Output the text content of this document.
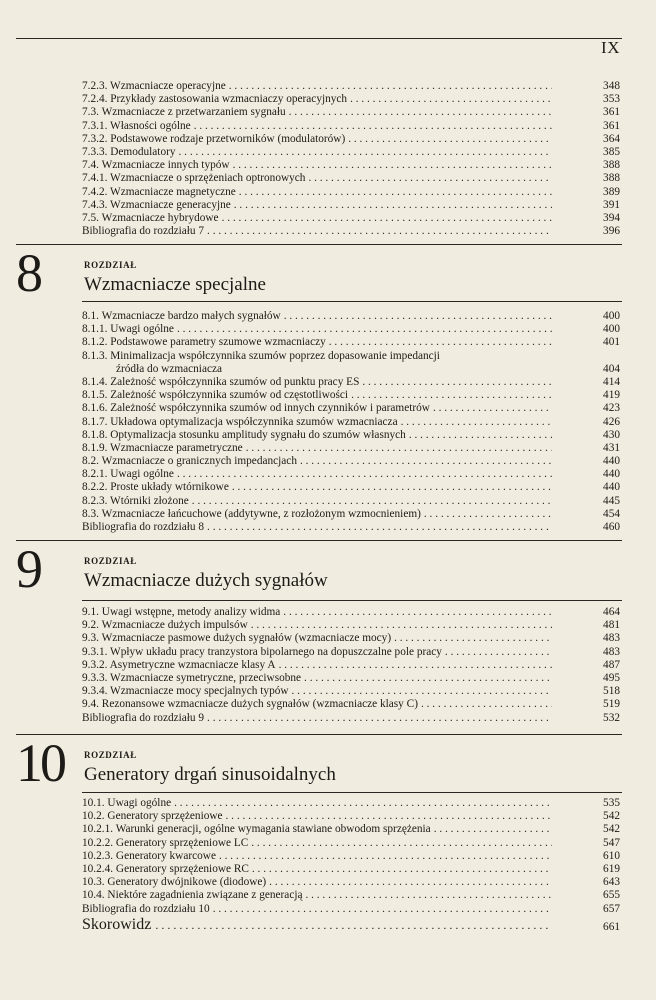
IX
7.2.3. Wzmacniacze operacyjne . . .	348
7.2.4. Przykłady zastosowania wzmacniaczy operacyjnych . . .	353
7.3. Wzmacniacze z przetwarzaniem sygnału . . .	361
7.3.1. Własności ogólne . . .	361
7.3.2. Podstawowe rodzaje przetworników (modulatorów) . . .	364
7.3.3. Demodulatory . . .	385
7.4. Wzmacniacze innych typów . . .	388
7.4.1. Wzmacniacze o sprzężeniach optronowych . . .	388
7.4.2. Wzmacniacze magnetyczne . . .	389
7.4.3. Wzmacniacze generacyjne . . .	391
7.5. Wzmacniacze hybrydowe . . .	394
Bibliografia do rozdziału 7 . . .	396
8	ROZDZIAŁ
Wzmacniacze specjalne
8.1. Wzmacniacze bardzo małych sygnałów . . .	400
8.1.1. Uwagi ogólne . . .	400
8.1.2. Podstawowe parametry szumowe wzmacniaczy . . .	401
8.1.3. Minimalizacja współczynnika szumów poprzez dopasowanie impedancji
źródła do wzmacniacza	404
8.1.4. Zależność współczynnika szumów od punktu pracy ES . . .	414
8.1.5. Zależność współczynnika szumów od częstotliwości . . .	419
8.1.6. Zależność współczynnika szumów od innych czynników i parametrów . . .	423
8.1.7. Układowa optymalizacja współczynnika szumów wzmacniacza . . .	426
8.1.8. Optymalizacja stosunku amplitudy sygnału do szumów własnych . . .	430
8.1.9. Wzmacniacze parametryczne . . .	431
8.2. Wzmacniacze o granicznych impedancjach . . .	440
8.2.1. Uwagi ogólne . . .	440
8.2.2. Proste układy wtórnikowe . . .	440
8.2.3. Wtórniki złożone . . .	445
8.3. Wzmacniacze łańcuchowe (addytywne, z rozłożonym wzmocnieniem) . . .	454
Bibliografia do rozdziału 8 . . .	460
9	ROZDZIAŁ
Wzmacniacze dużych sygnałów
9.1. Uwagi wstępne, metody analizy widma . . .	464
9.2. Wzmacniacze dużych impulsów . . .	481
9.3. Wzmacniacze pasmowe dużych sygnałów (wzmacniacze mocy) . . .	483
9.3.1. Wpływ układu pracy tranzystora bipolarnego na dopuszczalne pole pracy . . .	483
9.3.2. Asymetryczne wzmacniacze klasy A . . .	487
9.3.3. Wzmacniacze symetryczne, przeciwsobne . . .	495
9.3.4. Wzmacniacze mocy specjalnych typów . . .	518
9.4. Rezonansowe wzmacniacze dużych sygnałów (wzmacniacze klasy C) . . .	519
Bibliografia do rozdziału 9 . . .	532
10 ROZDZIAŁ
Generatory drgań sinusoidalnych
10.1. Uwagi ogólne . . .	535
10.2. Generatory sprzężeniowe . . .	542
10.2.1. Warunki generacji, ogólne wymagania stawiane obwodom sprzężenia . . .	542
10.2.2. Generatory sprzężeniowe LC . . .	547
10.2.3. Generatory kwarcowe . . .	610
10.2.4. Generatory sprzężeniowe RC . . .	619
10.3. Generatory dwójnikowe (diodowe) . . .	643
10.4. Niektóre zagadnienia związane z generacją . . .	655
Bibliografia do rozdziału 10 . . .	657
Skorowidz . . .	661
